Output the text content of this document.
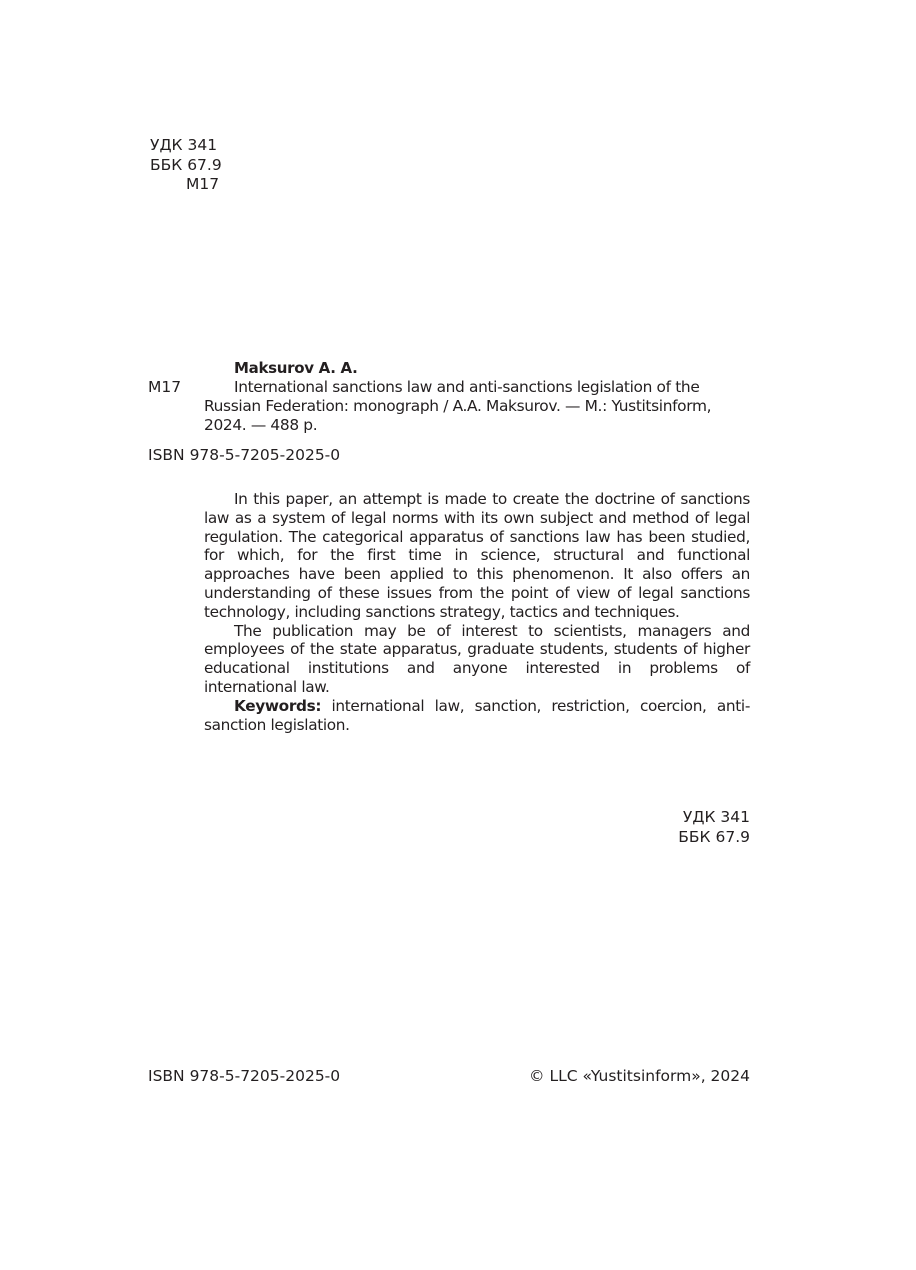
УДК 341
ББК 67.9
М17
Maksurov A. A.
М17	International sanctions law and anti-sanctions legislation of the Russian Federation: monograph / A.A. Maksurov. — M.: Yustitsinform, 2024. — 488 p.
ISBN 978-5-7205-2025-0

In this paper, an attempt is made to create the doctrine of sanctions law as a system of legal norms with its own subject and method of legal regulation. The categorical apparatus of sanctions law has been studied, for which, for the first time in science, structural and functional approaches have been applied to this phenomenon. It also offers an understanding of these issues from the point of view of legal sanctions technology, including sanctions strategy, tactics and techniques.

The publication may be of interest to scientists, managers and employees of the state apparatus, graduate students, students of higher educational institutions and anyone interested in problems of international law.

Keywords: international law, sanction, restriction, coercion, anti-sanction legislation.

УДК 341
ББК 67.9
ISBN 978-5-7205-2025-0	© LLC «Yustitsinform», 2024
